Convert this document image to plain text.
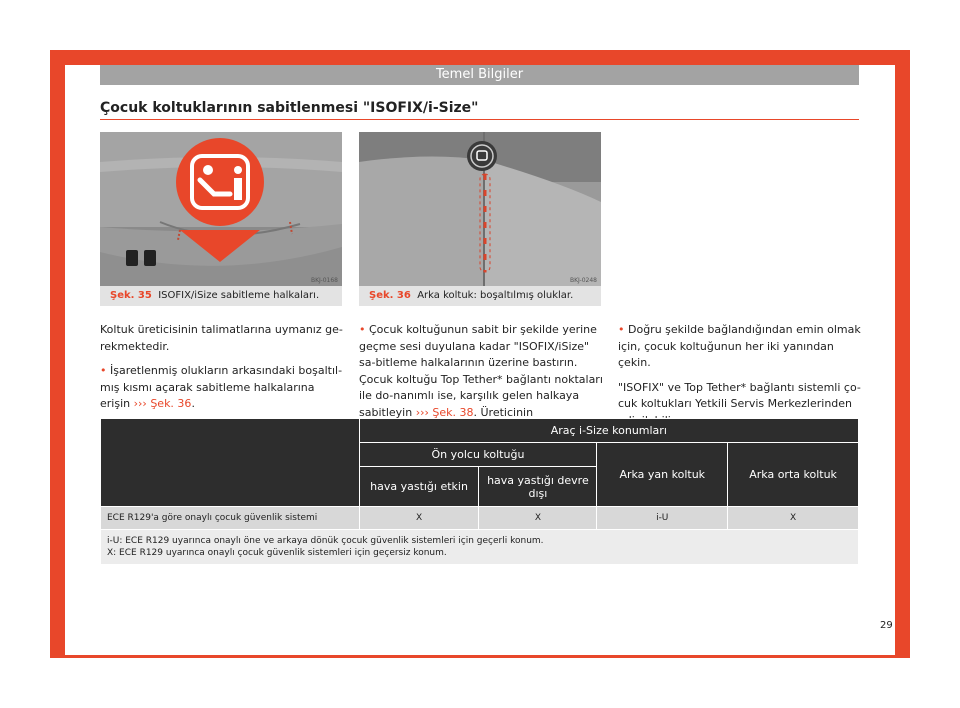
Temel Bilgiler
Çocuk koltuklarının sabitlenmesi "ISOFIX/i-Size"
BKJ-0168
Şek. 35 ISOFIX/iSize sabitleme halkaları.
BKJ-0248
Şek. 36 Arka koltuk: boşaltılmış oluklar.

Koltuk üreticisinin talimatlarına uymanız ge-rekmektedir.

• İşaretlenmiş olukların arkasındaki boşaltıl-mış kısmı açarak sabitleme halkalarına erişin ››› Şek. 36.

• Çocuk koltuğunun sabit bir şekilde yerine geçme sesi duyulana kadar "ISOFIX/iSize" sa-bitleme halkalarının üzerine bastırın. Çocuk koltuğu Top Tether* bağlantı noktaları ile do-nanımlı ise, karşılık gelen halkaya sabitleyin ››› Şek. 38. Üreticinin

• Doğru şekilde bağlandığından emin olmak için, çocuk koltuğunun her iki yanından çekin.

"ISOFIX" ve Top Tether* bağlantı sistemli ço-cuk koltukları Yetkili Servis Merkezlerinden

	Araç i-Size konumları			
	Ön yolcu koltuğu		Arka yan koltuk	Arka orta koltuk
	hava yastığı etkin	hava yastığı devre dışı		
ECE R129'a göre onaylı çocuk güvenlik sistemi	X	X	i-U	X

i-U: ECE R129 uyarınca onaylı öne ve arkaya dönük çocuk güvenlik sistemleri için geçerli konum.
X: ECE R129 uyarınca onaylı çocuk güvenlik sistemleri için geçersiz konum.				
29
